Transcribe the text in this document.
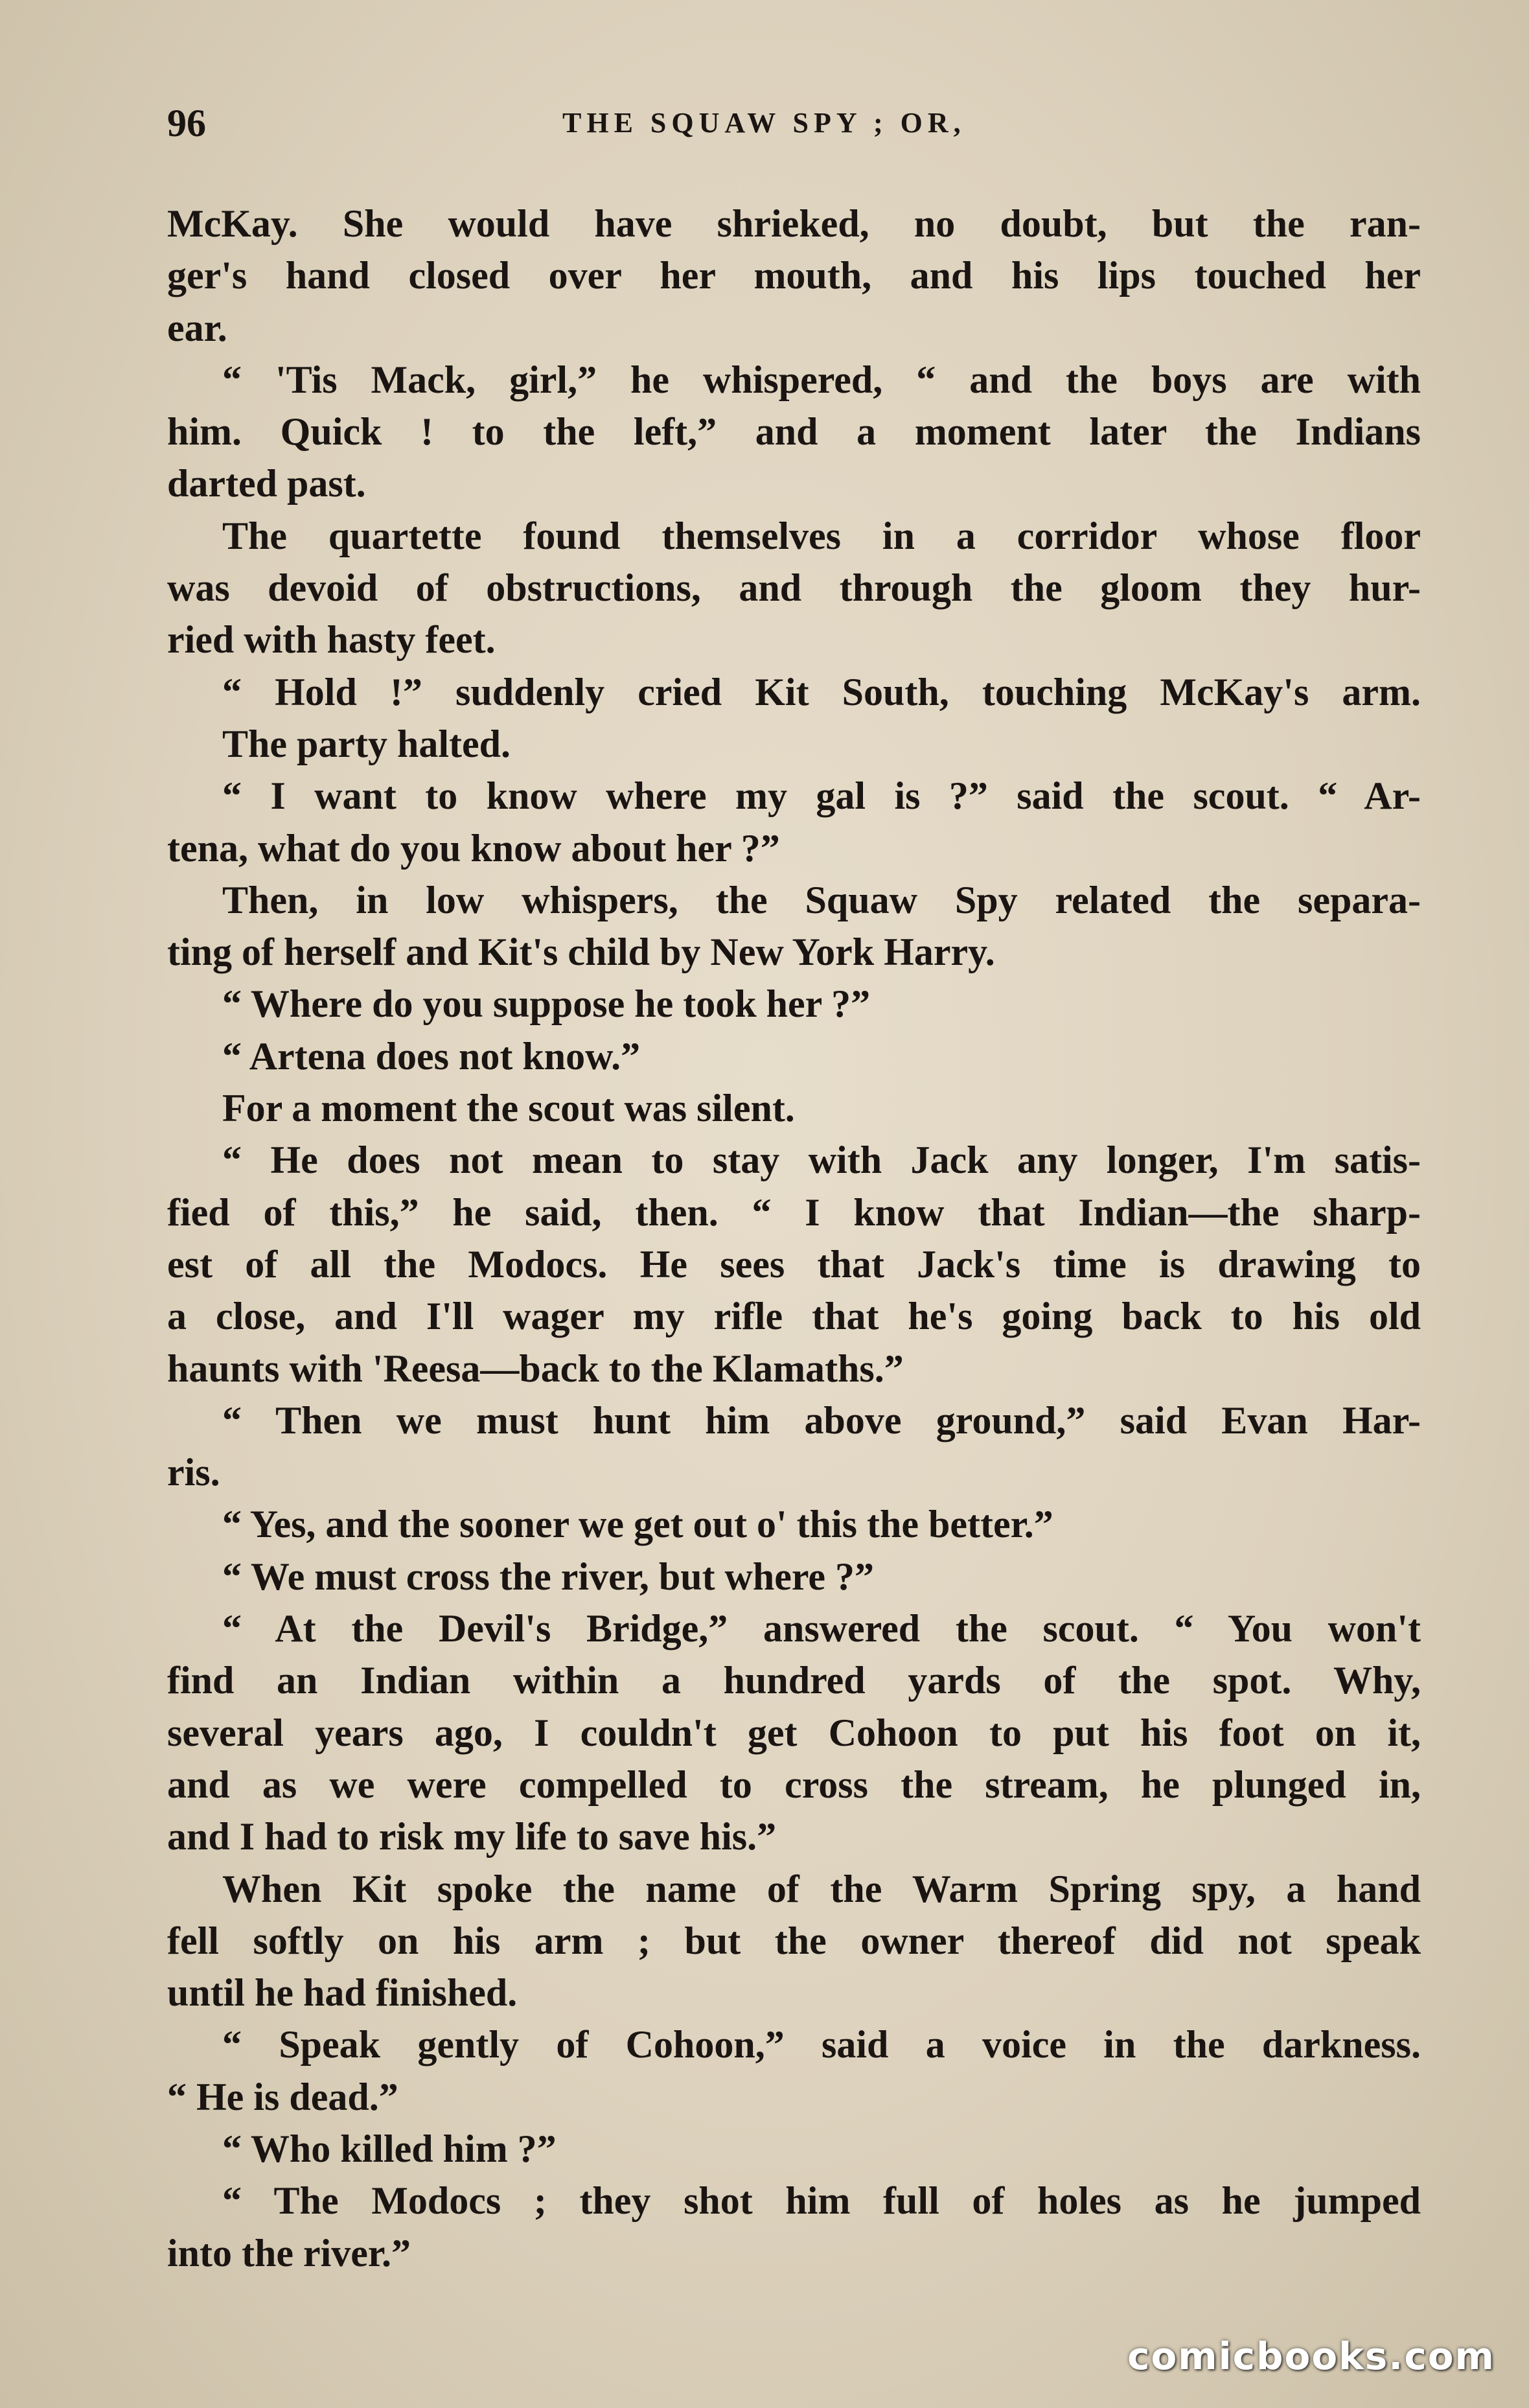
96	THE SQUAW SPY ; OR,
McKay. She would have shrieked, no doubt, but the ran-
ger's hand closed over her mouth, and his lips touched her
ear.
“ 'Tis Mack, girl,” he whispered, “ and the boys are with
him. Quick ! to the left,” and a moment later the Indians
darted past.
The quartette found themselves in a corridor whose floor
was devoid of obstructions, and through the gloom they hur-
ried with hasty feet.
“ Hold !” suddenly cried Kit South, touching McKay's arm.
The party halted.
“ I want to know where my gal is ?” said the scout. “ Ar-
tena, what do you know about her ?”
Then, in low whispers, the Squaw Spy related the separa-
ting of herself and Kit's child by New York Harry.
“ Where do you suppose he took her ?”
“ Artena does not know.”
For a moment the scout was silent.
“ He does not mean to stay with Jack any longer, I'm satis-
fied of this,” he said, then. “ I know that Indian—the sharp-
est of all the Modocs. He sees that Jack's time is drawing to
a close, and I'll wager my rifle that he's going back to his old
haunts with 'Reesa—back to the Klamaths.”
“ Then we must hunt him above ground,” said Evan Har-
ris.
“ Yes, and the sooner we get out o' this the better.”
“ We must cross the river, but where ?”
“ At the Devil's Bridge,” answered the scout. “ You won't
find an Indian within a hundred yards of the spot. Why,
several years ago, I couldn't get Cohoon to put his foot on it,
and as we were compelled to cross the stream, he plunged in,
and I had to risk my life to save his.”
When Kit spoke the name of the Warm Spring spy, a hand
fell softly on his arm ; but the owner thereof did not speak
until he had finished.
“ Speak gently of Cohoon,” said a voice in the darkness.
“ He is dead.”
“ Who killed him ?”
“ The Modocs ; they shot him full of holes as he jumped
into the river.”
comicbooks.com
